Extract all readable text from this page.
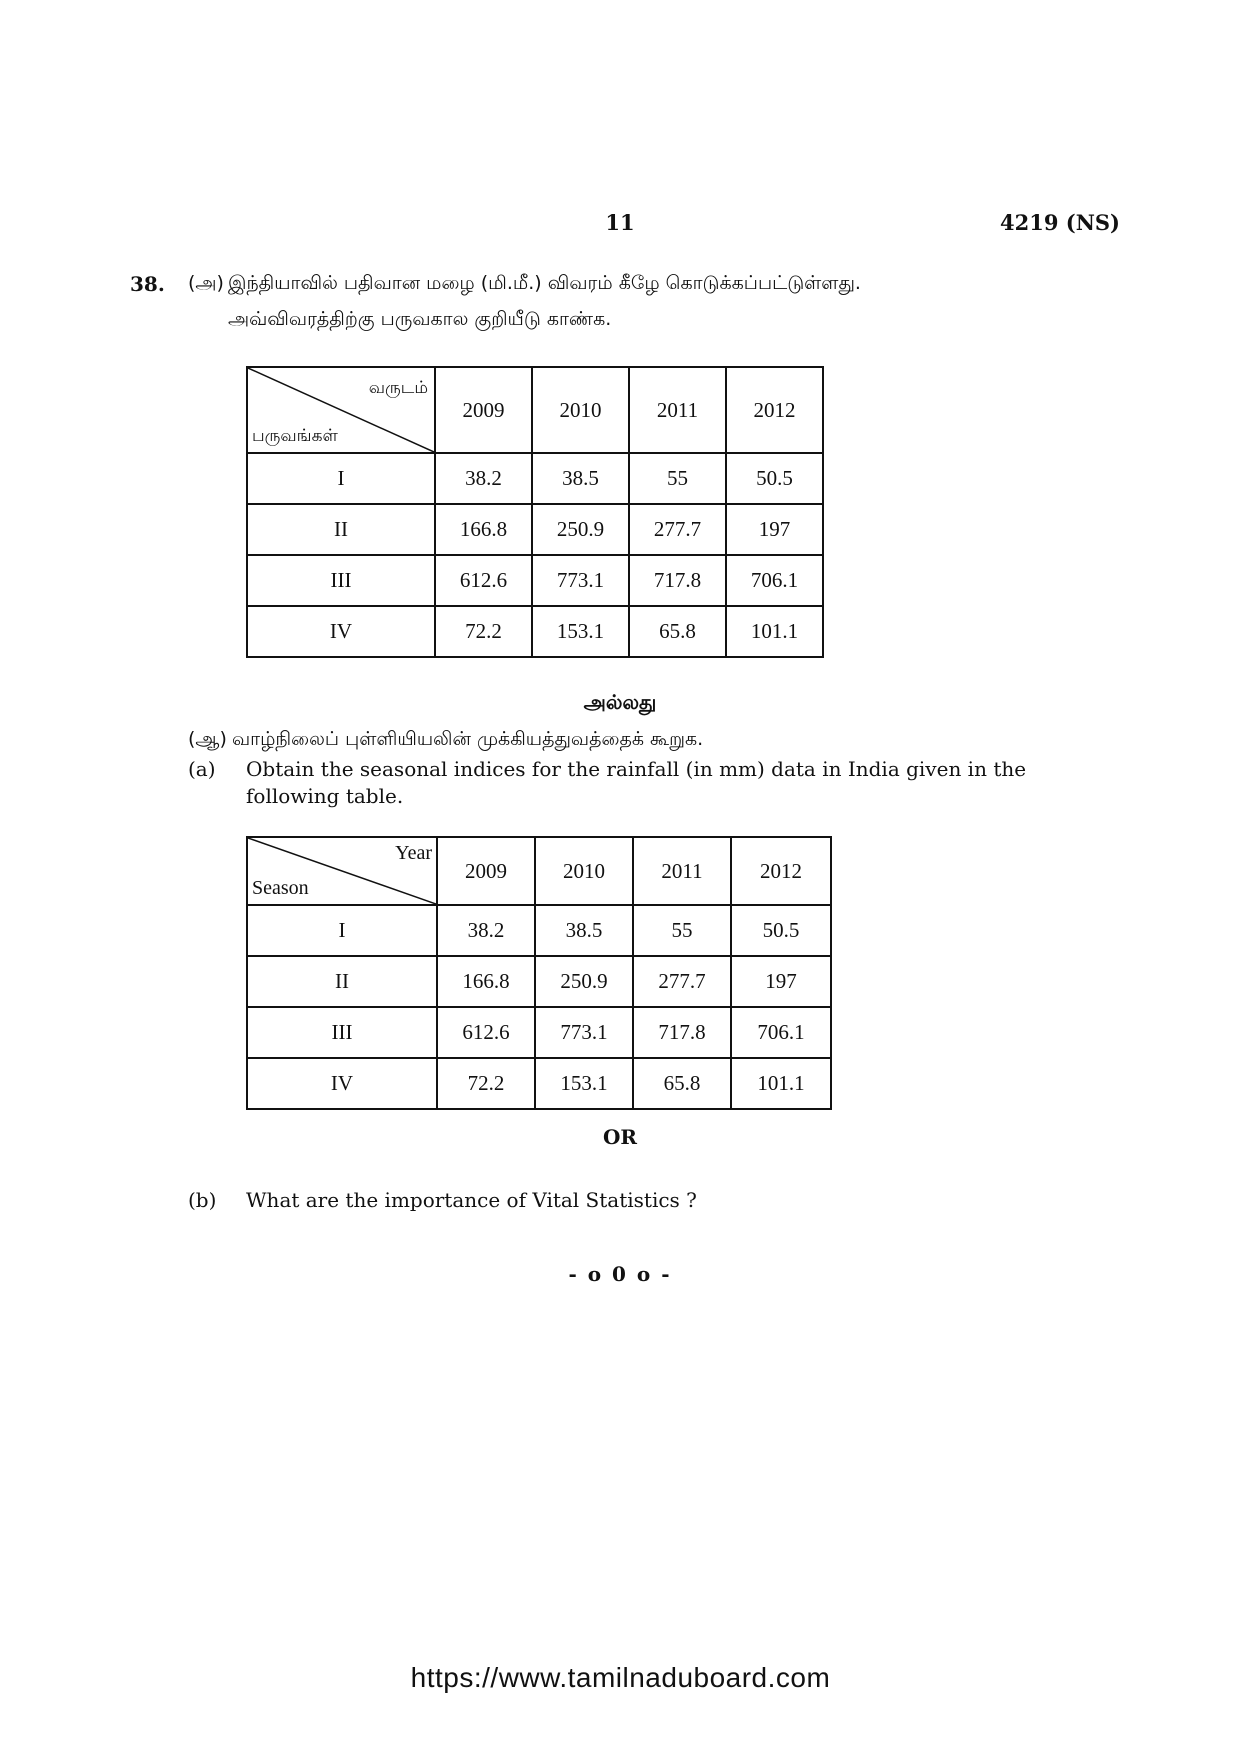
11	4219 (NS)
38. (அ) இந்தியாவில் பதிவான மழை (மி.மீ.) விவரம் கீழே கொடுக்கப்பட்டுள்ளது.
அவ்விவரத்திற்கு பருவகால குறியீடு காண்க.
வருடம்
பருவங்கள்	2009	2010	2011	2012
I	38.2	38.5	55	50.5
II	166.8	250.9	277.7	197
III	612.6	773.1	717.8	706.1
IV	72.2	153.1	65.8	101.1
அல்லது
(ஆ) வாழ்நிலைப் புள்ளியியலின் முக்கியத்துவத்தைக் கூறுக.
(a) Obtain the seasonal indices for the rainfall (in mm) data in India given in the
following table.
Year
Season	2009	2010	2011	2012
I	38.2	38.5	55	50.5
II	166.8	250.9	277.7	197
III	612.6	773.1	717.8	706.1
IV	72.2	153.1	65.8	101.1
OR
(b) What are the importance of Vital Statistics ?
- o 0 o -
https://www.tamilnaduboard.com
